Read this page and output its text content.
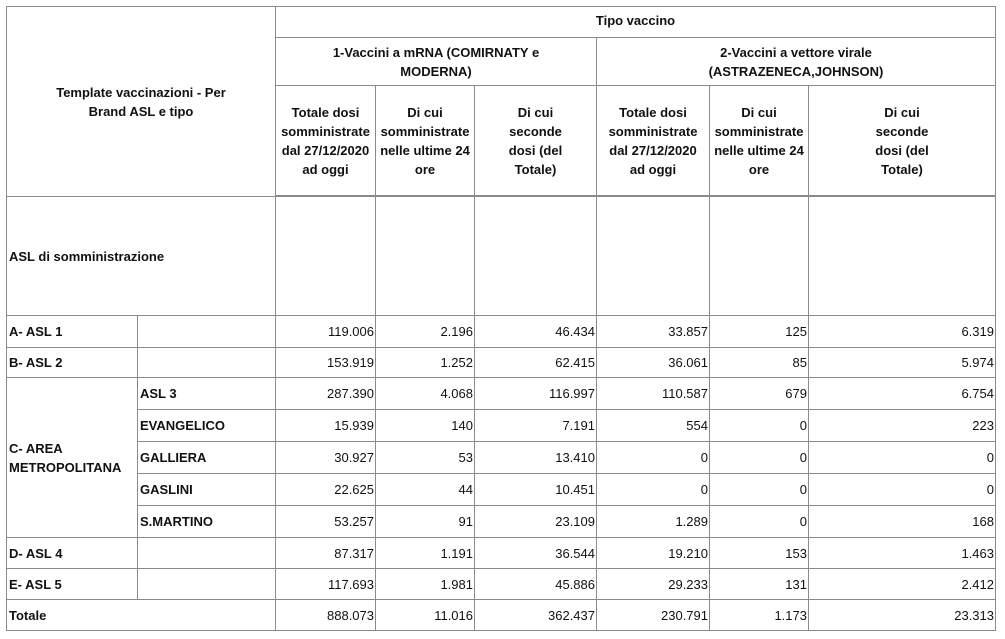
Template vaccinazioni - Per Brand ASL e tipo		Tipo vaccino					
		1-Vaccini a mRNA (COMIRNATY e MODERNA)			2-Vaccini a vettore virale (ASTRAZENECA,JOHNSON)		
		Totale dosi somministrate dal 27/12/2020 ad oggi	Di cui somministrate nelle ultime 24 ore	Di cui seconde dosi (del Totale)	Totale dosi somministrate dal 27/12/2020 ad oggi	Di cui somministrate nelle ultime 24 ore	Di cui seconde dosi (del Totale)

ASL di somministrazione							
A- ASL 1		119.006	2.196	46.434	33.857	125	6.319
B- ASL 2		153.919	1.252	62.415	36.061	85	5.974
C- AREA METROPOLITANA	ASL 3	287.390	4.068	116.997	110.587	679	6.754
	EVANGELICO	15.939	140	7.191	554	0	223
	GALLIERA	30.927	53	13.410	0	0	0
	GASLINI	22.625	44	10.451	0	0	0
	S.MARTINO	53.257	91	23.109	1.289	0	168
D- ASL 4		87.317	1.191	36.544	19.210	153	1.463
E- ASL 5		117.693	1.981	45.886	29.233	131	2.412
Totale		888.073	11.016	362.437	230.791	1.173	23.313
